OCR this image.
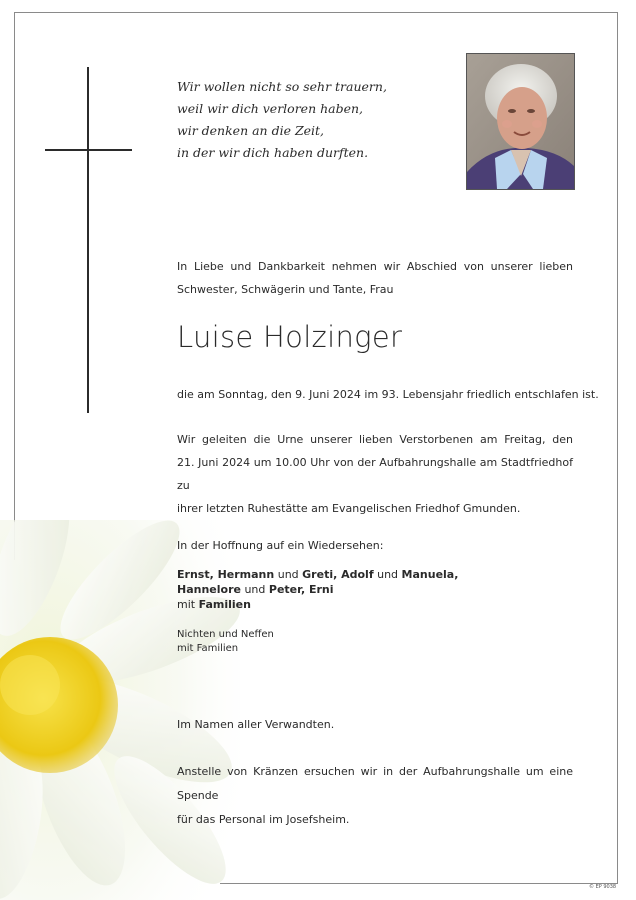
Wir wollen nicht so sehr trauern,
weil wir dich verloren haben,
wir denken an die Zeit,
in der wir dich haben durften.
In Liebe und Dankbarkeit nehmen wir Abschied von unserer lieben
Schwester, Schwägerin und Tante, Frau
Luise Holzinger
die am Sonntag, den 9. Juni 2024 im 93. Lebensjahr friedlich entschlafen ist.
Wir geleiten die Urne unserer lieben Verstorbenen am Freitag, den
21. Juni 2024 um 10.00 Uhr von der Aufbahrungshalle am Stadtfriedhof zu
ihrer letzten Ruhestätte am Evangelischen Friedhof Gmunden.
In der Hoffnung auf ein Wiedersehen:
Ernst, Hermann und Greti, Adolf und Manuela,
Hannelore und Peter, Erni
mit Familien
Nichten und Neffen
mit Familien
Im Namen aller Verwandten.
Anstelle von Kränzen ersuchen wir in der Aufbahrungshalle um eine Spende
für das Personal im Josefsheim.
© EP 9038
